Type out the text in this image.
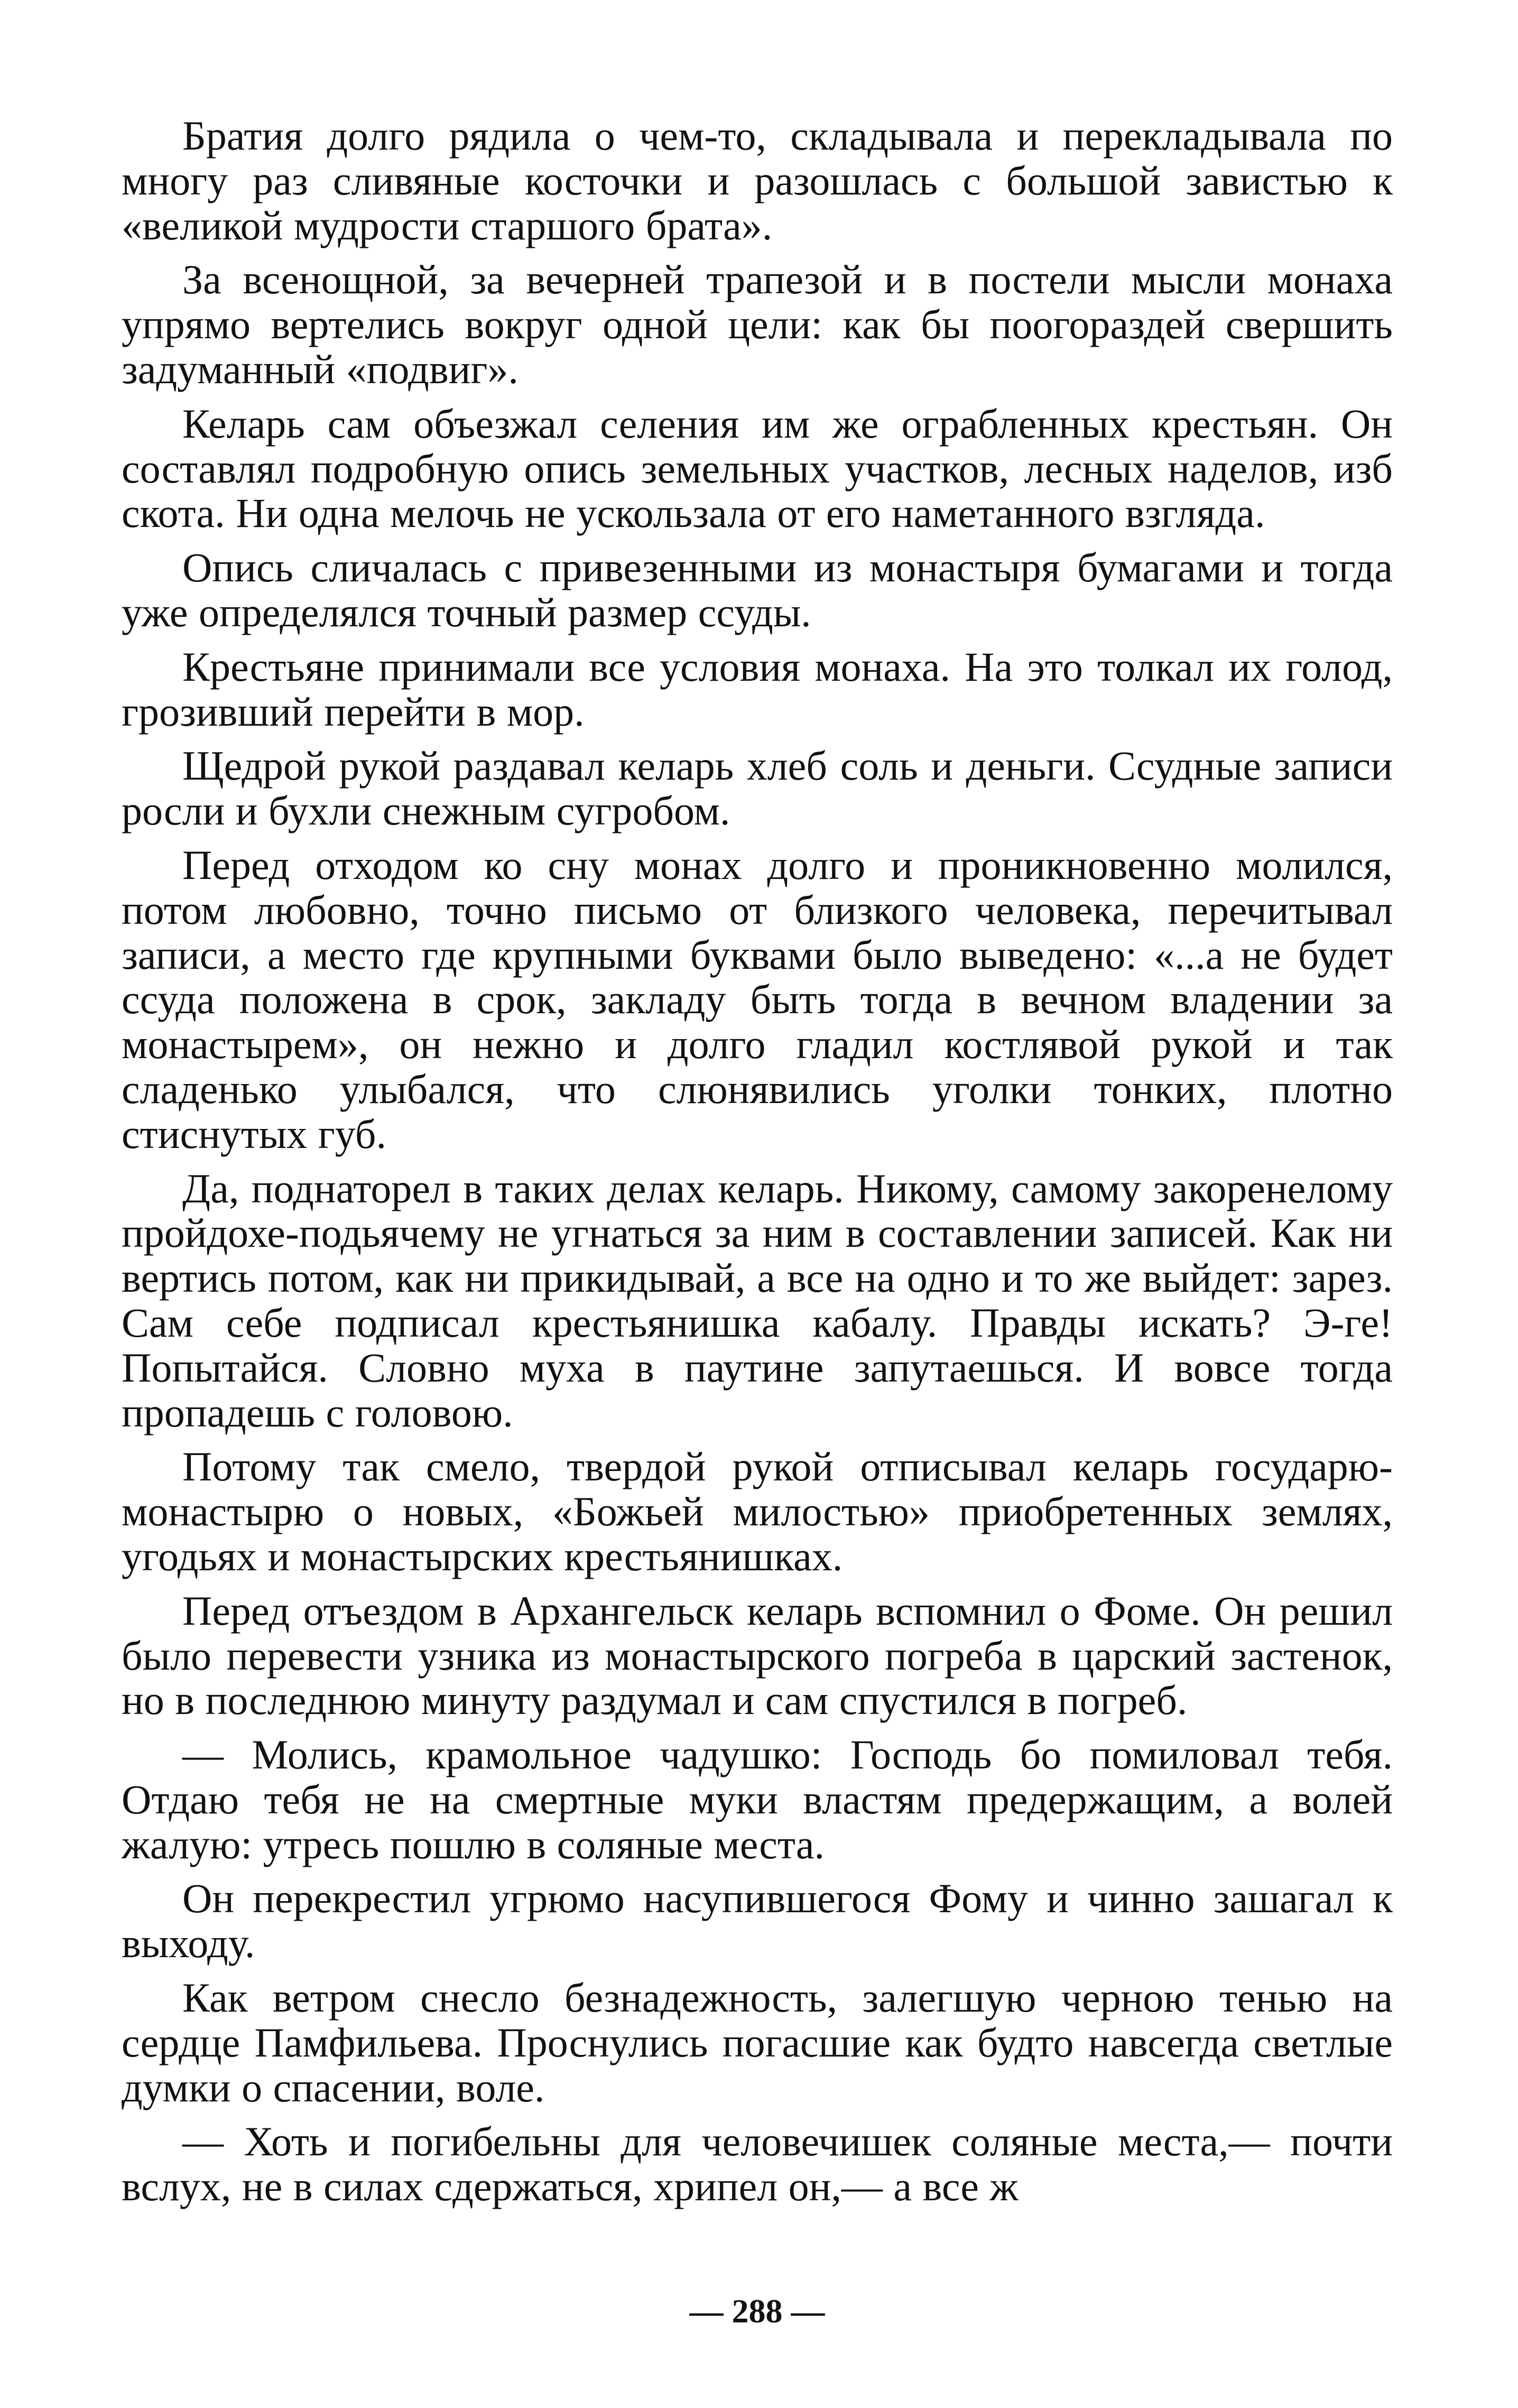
Братия долго рядила о чем-то, складывала и перекладывала по многу раз сливяные косточки и разошлась с большой завистью к «великой мудрости старшого брата».

За всенощной, за вечерней трапезой и в постели мысли монаха упрямо вертелись вокруг одной цели: как бы поогораздей свершить задуманный «подвиг».

Келарь сам объезжал селения им же ограбленных крестьян. Он составлял подробную опись земельных участков, лесных наделов, изб скота. Ни одна мелочь не ускользала от его наметанного взгляда.

Опись сличалась с привезенными из монастыря бумагами и тогда уже определялся точный размер ссуды.

Крестьяне принимали все условия монаха. На это толкал их голод, грозивший перейти в мор.

Щедрой рукой раздавал келарь хлеб соль и деньги. Ссудные записи росли и бухли снежным сугробом.

Перед отходом ко сну монах долго и проникновенно молился, потом любовно, точно письмо от близкого человека, перечитывал записи, а место где крупными буквами было выведено: «...а не будет ссуда положена в срок, закладу быть тогда в вечном владении за монастырем», он нежно и долго гладил костлявой рукой и так сладенько улыбался, что слюнявились уголки тонких, плотно стиснутых губ.

Да, поднаторел в таких делах келарь. Никому, самому закоренелому пройдохе-подьячему не угнаться за ним в составлении записей. Как ни вертись потом, как ни прикидывай, а все на одно и то же выйдет: зарез. Сам себе подписал крестьянишка кабалу. Правды искать? Э-ге! Попытайся. Словно муха в паутине запутаешься. И вовсе тогда пропадешь с головою.

Потому так смело, твердой рукой отписывал келарь государю-монастырю о новых, «Божьей милостью» приобретенных землях, угодьях и монастырских крестьянишках.

Перед отъездом в Архангельск келарь вспомнил о Фоме. Он решил было перевести узника из монастырского погреба в царский застенок, но в последнюю минуту раздумал и сам спустился в погреб.

— Молись, крамольное чадушко: Господь бо помиловал тебя. Отдаю тебя не на смертные муки властям предержащим, а волей жалую: утресь пошлю в соляные места.

Он перекрестил угрюмо насупившегося Фому и чинно зашагал к выходу.

Как ветром снесло безнадежность, залегшую черною тенью на сердце Памфильева. Проснулись погасшие как будто навсегда светлые думки о спасении, воле.

— Хоть и погибельны для человечишек соляные места,— почти вслух, не в силах сдержаться, хрипел он,— а все ж

— 288 —
